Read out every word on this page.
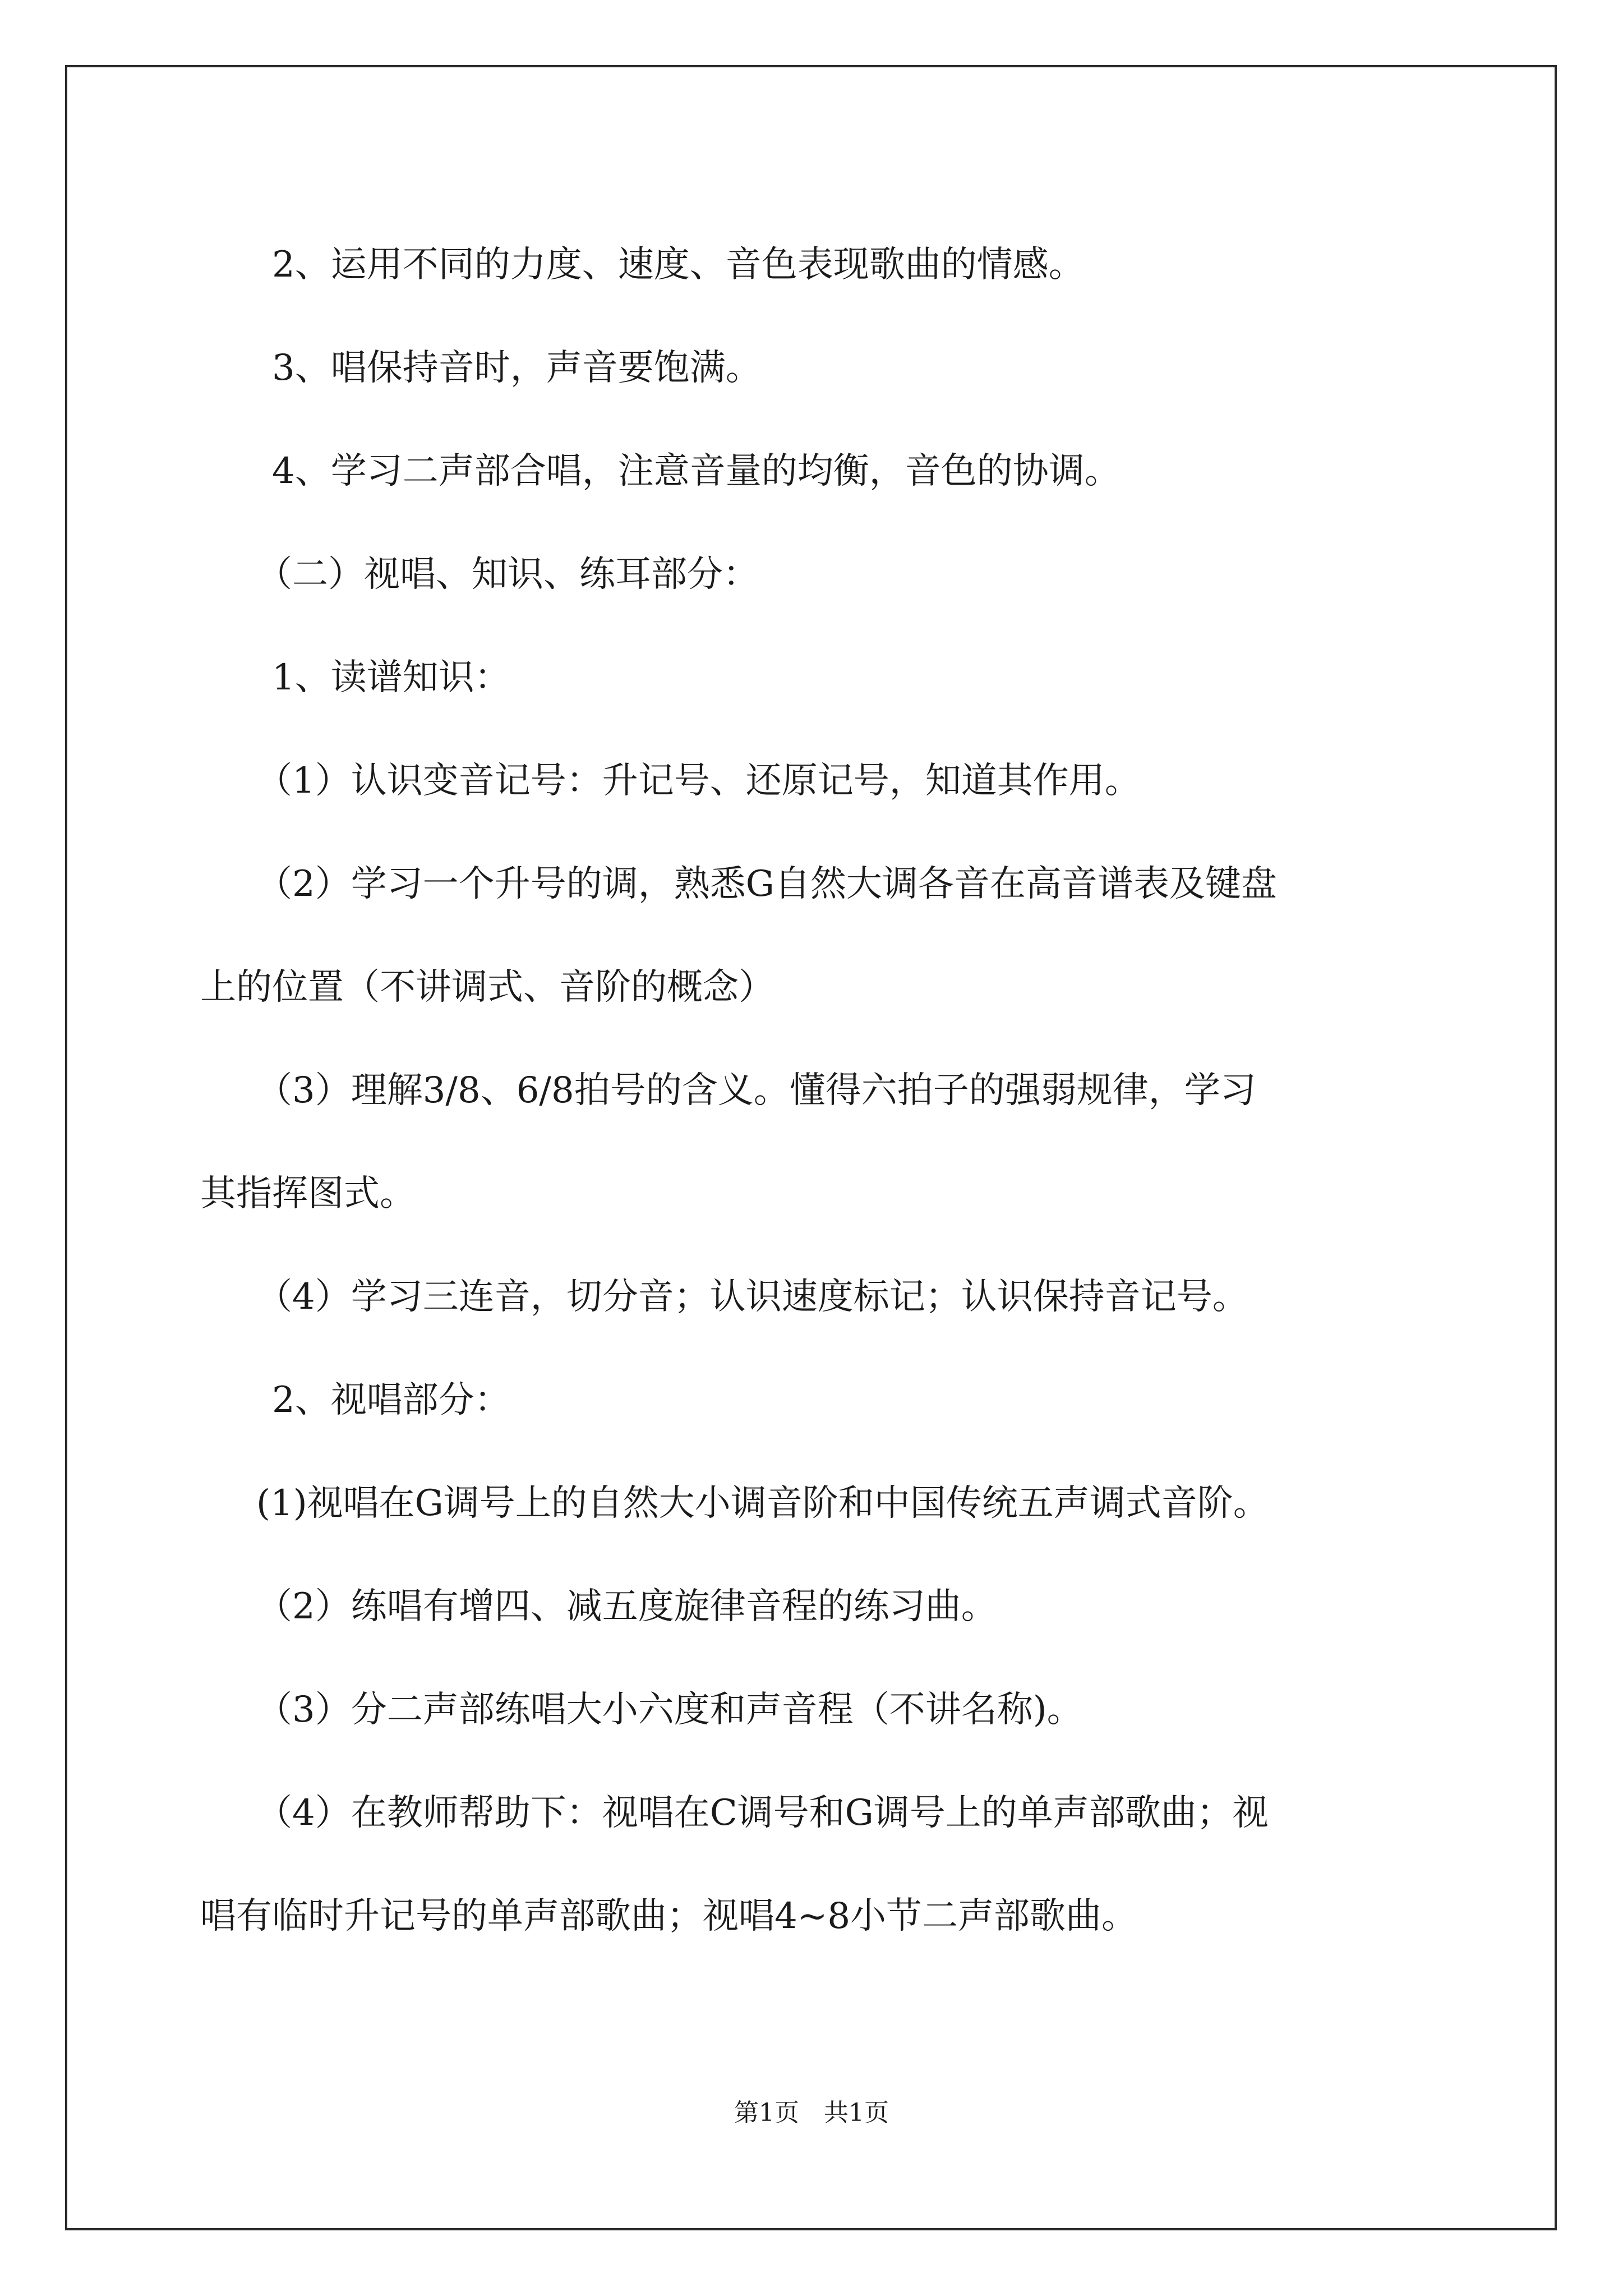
2、运用不同的力度、速度、音色表现歌曲的情感。

3、唱保持音时，声音要饱满。

4、学习二声部合唱，注意音量的均衡，音色的协调。

（二）视唱、知识、练耳部分：

1、读谱知识：

（1）认识变音记号：升记号、还原记号，知道其作用。

（2）学习一个升号的调，熟悉G自然大调各音在高音谱表及键盘

上的位置（不讲调式、音阶的概念）

（3）理解3/8、6/8拍号的含义。懂得六拍子的强弱规律，学习

其指挥图式。

（4）学习三连音，切分音；认识速度标记；认识保持音记号。

2、视唱部分：

(1)视唱在G调号上的自然大小调音阶和中国传统五声调式音阶。

（2）练唱有增四、减五度旋律音程的练习曲。

（3）分二声部练唱大小六度和声音程（不讲名称)。

（4）在教师帮助下：视唱在C调号和G调号上的单声部歌曲；视

唱有临时升记号的单声部歌曲；视唱4~8小节二声部歌曲。

第1页　共1页
